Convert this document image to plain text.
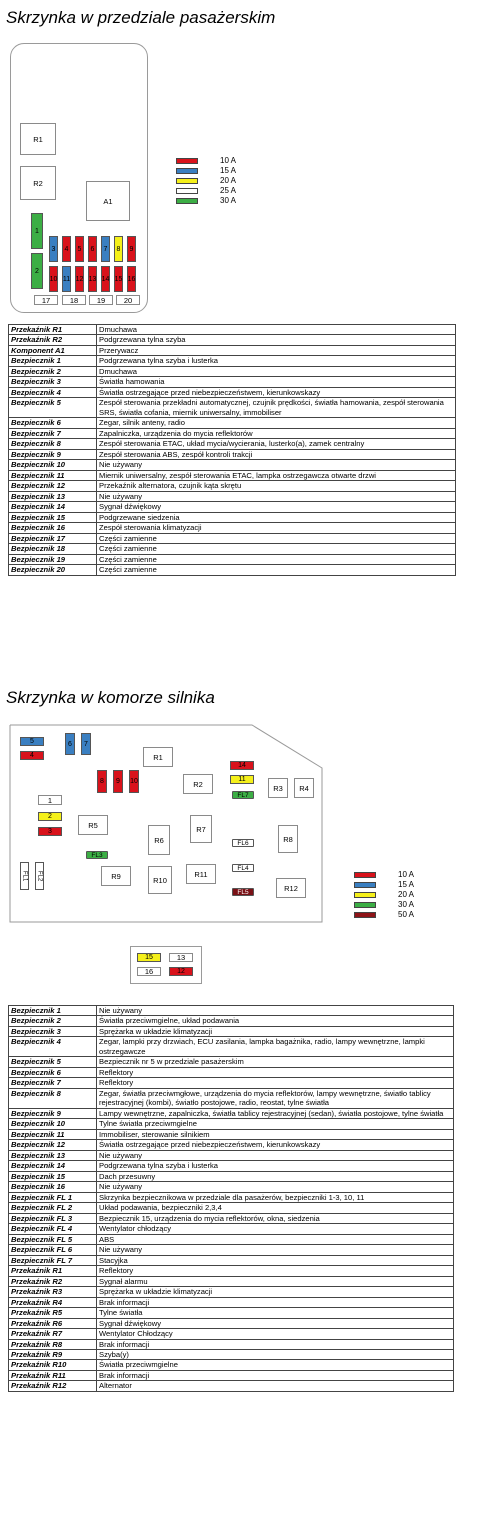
Skrzynka w przedziale pasażerskim
R1
R2
A1
1
2
3	4	5	6	7	8	9
10 11 12 13 14 15 16
17	18	19	20
10 A
15 A
20 A
25 A
30 A
Przekaźnik R1	Dmuchawa
Przekaźnik R2	Podgrzewana tylna szyba
Komponent A1	Przerywacz
Bezpiecznik 1	Podgrzewana tylna szyba i lusterka
Bezpiecznik 2	Dmuchawa
Bezpiecznik 3	Światła hamowania
Bezpiecznik 4	Światła ostrzegające przed niebezpieczeństwem, kierunkowskazy
Bezpiecznik 5	Zespół sterowania przekładni automatycznej, czujnik prędkości, światła hamowania, zespół sterowania SRS, światła cofania, miernik uniwersalny, immobiliser
Bezpiecznik 6	Zegar, silnik anteny, radio
Bezpiecznik 7	Zapalniczka, urządzenia do mycia reflektorów
Bezpiecznik 8	Zespół sterowania ETAC, układ mycia/wycierania, lusterko(a), zamek centralny
Bezpiecznik 9	Zespół sterowania ABS, zespół kontroli trakcji
Bezpiecznik 10	Nie używany
Bezpiecznik 11	Miernik uniwersalny, zespół sterowania ETAC, lampka ostrzegawcza otwarte drzwi
Bezpiecznik 12	Przekaźnik alternatora, czujnik kąta skrętu
Bezpiecznik 13	Nie używany
Bezpiecznik 14	Sygnał dźwiękowy
Bezpiecznik 15	Podgrzewane siedzenia
Bezpiecznik 16	Zespół sterowania klimatyzacji
Bezpiecznik 17	Części zamienne
Bezpiecznik 18	Części zamienne
Bezpiecznik 19	Części zamienne
Bezpiecznik 20	Części zamienne
Skrzynka w komorze silnika
5
4
6	7
R1
8	9	10	R2
14
11
FL7
R3	R4
1
2
3
R5	R7
R6	FL6	R8
FL3
FL1 FL2	R9	R10
R11
FL4
FL5	R12
10 A
15 A
20 A
30 A
50 A
15	13
16	12
Bezpiecznik 1	Nie używany
Bezpiecznik 2	Światła przeciwmgielne, układ podawania
Bezpiecznik 3	Sprężarka w układzie klimatyzacji
Bezpiecznik 4	Zegar, lampki przy drzwiach, ECU zasilania, lampka bagażnika, radio, lampy wewnętrzne, lampki ostrzegawcze
Bezpiecznik 5	Bezpiecznik nr 5 w przedziale pasażerskim
Bezpiecznik 6	Reflektory
Bezpiecznik 7	Reflektory
Bezpiecznik 8	Zegar, światła przeciwmgłowe, urządzenia do mycia reflektorów, lampy wewnętrzne, światło tablicy rejestracyjnej (kombi), światło postojowe, radio, reostat, tylne światła
Bezpiecznik 9	Lampy wewnętrzne, zapalniczka, światła tablicy rejestracyjnej (sedan), światła postojowe, tylne światła
Bezpiecznik 10	Tylne światła przeciwmgielne
Bezpiecznik 11	Immobiliser, sterowanie silnikiem
Bezpiecznik 12	Światła ostrzegające przed niebezpieczeństwem, kierunkowskazy
Bezpiecznik 13	Nie używany
Bezpiecznik 14	Podgrzewana tylna szyba i lusterka
Bezpiecznik 15	Dach przesuwny
Bezpiecznik 16	Nie używany
Bezpiecznik FL 1	Skrzynka bezpiecznikowa w przedziale dla pasażerów, bezpieczniki 1-3, 10, 11
Bezpiecznik FL 2	Układ podawania, bezpieczniki 2,3,4
Bezpiecznik FL 3	Bezpiecznik 15, urządzenia do mycia reflektorów, okna, siedzenia
Bezpiecznik FL 4	Wentylator chłodzący
Bezpiecznik FL 5	ABS
Bezpiecznik FL 6	Nie używany
Bezpiecznik FL 7	Stacyjka
Przekaźnik R1	Reflektory
Przekaźnik R2	Sygnał alarmu
Przekaźnik R3	Sprężarka w układzie klimatyzacji
Przekaźnik R4	Brak informacji
Przekaźnik R5	Tylne światła
Przekaźnik R6	Sygnał dźwiękowy
Przekaźnik R7	Wentylator Chłodzący
Przekaźnik R8	Brak informacji
Przekaźnik R9	Szyba(y)
Przekaźnik R10	Światła przeciwmgielne
Przekaźnik R11	Brak informacji
Przekaźnik R12	Alternator
